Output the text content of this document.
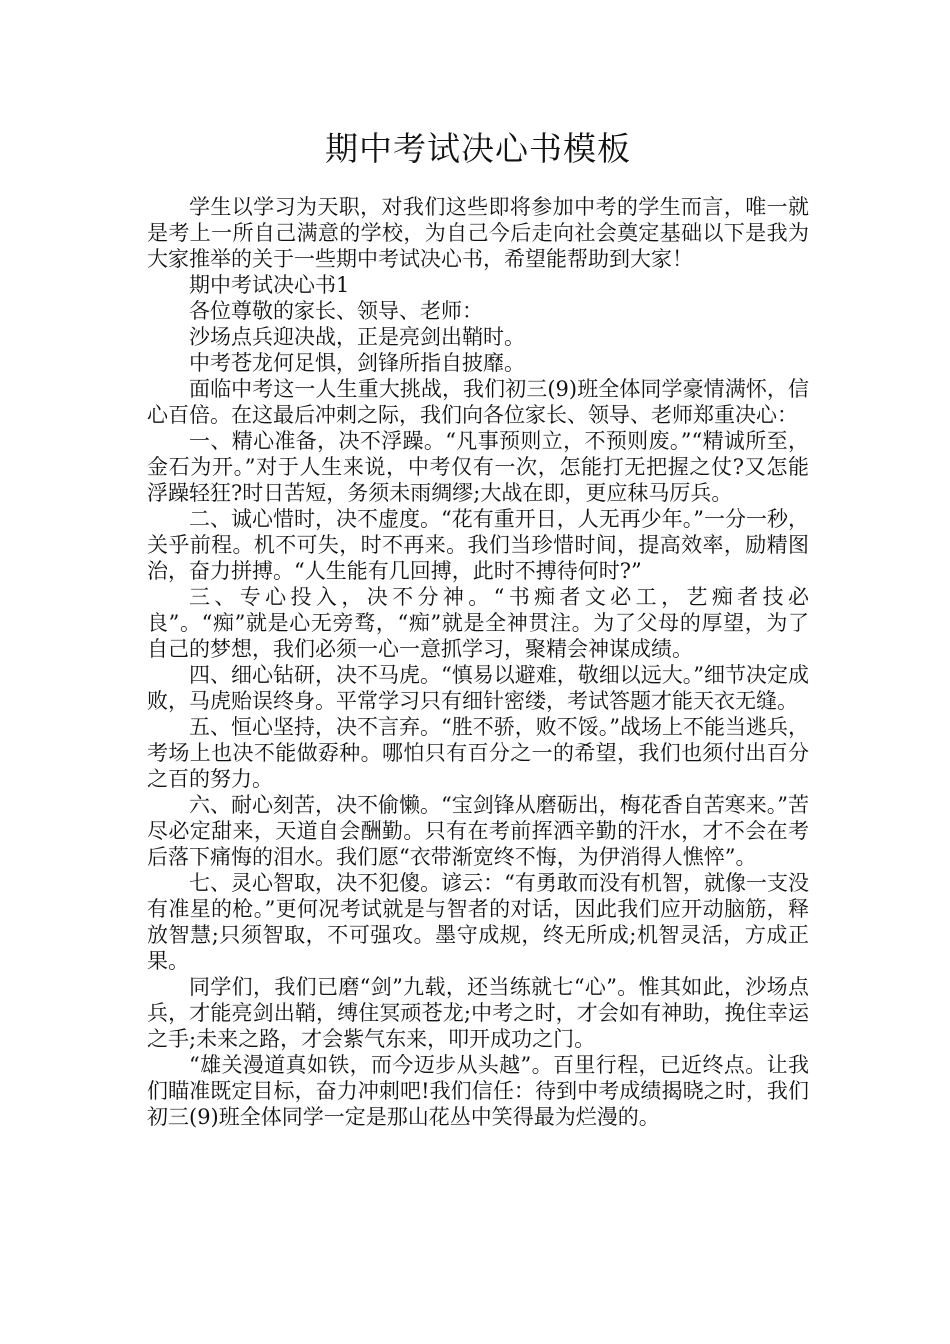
期中考试决心书模板

学生以学习为天职，对我们这些即将参加中考的学生而言，唯一就是考上一所自己满意的学校，为自己今后走向社会奠定基础以下是我为大家推举的关于一些期中考试决心书，希望能帮助到大家！

期中考试决心书1

各位尊敬的家长、领导、老师：

沙场点兵迎决战，正是亮剑出鞘时。

中考苍龙何足惧，剑锋所指自披靡。

面临中考这一人生重大挑战，我们初三(9)班全体同学豪情满怀，信心百倍。在这最后冲刺之际，我们向各位家长、领导、老师郑重决心：

一、精心准备，决不浮躁。“凡事预则立，不预则废。”“精诚所至，金石为开。”对于人生来说，中考仅有一次，怎能打无把握之仗?又怎能浮躁轻狂?时日苦短，务须未雨绸缪;大战在即，更应秣马厉兵。

二、诚心惜时，决不虚度。“花有重开日，人无再少年。”一分一秒，关乎前程。机不可失，时不再来。我们当珍惜时间，提高效率，励精图治，奋力拼搏。“人生能有几回搏，此时不搏待何时?”

三、专心投入，决不分神。“书痴者文必工，艺痴者技必良”。“痴”就是心无旁骛，“痴”就是全神贯注。为了父母的厚望，为了自己的梦想，我们必须一心一意抓学习，聚精会神谋成绩。

四、细心钻研，决不马虎。“慎易以避难，敬细以远大。”细节决定成败，马虎贻误终身。平常学习只有细针密缕，考试答题才能天衣无缝。

五、恒心坚持，决不言弃。“胜不骄，败不馁。”战场上不能当逃兵，考场上也决不能做孬种。哪怕只有百分之一的希望，我们也须付出百分之百的努力。

六、耐心刻苦，决不偷懒。“宝剑锋从磨砺出，梅花香自苦寒来。”苦尽必定甜来，天道自会酬勤。只有在考前挥洒辛勤的汗水，才不会在考后落下痛悔的泪水。我们愿“衣带渐宽终不悔，为伊消得人憔悴”。

七、灵心智取，决不犯傻。谚云：“有勇敢而没有机智，就像一支没有准星的枪。”更何况考试就是与智者的对话，因此我们应开动脑筋，释放智慧;只须智取，不可强攻。墨守成规，终无所成;机智灵活，方成正果。

同学们，我们已磨“剑”九载，还当练就七“心”。惟其如此，沙场点兵，才能亮剑出鞘，缚住冥顽苍龙;中考之时，才会如有神助，挽住幸运之手;未来之路，才会紫气东来，叩开成功之门。

“雄关漫道真如铁，而今迈步从头越”。百里行程，已近终点。让我们瞄准既定目标，奋力冲刺吧!我们信任：待到中考成绩揭晓之时，我们初三(9)班全体同学一定是那山花丛中笑得最为烂漫的。
